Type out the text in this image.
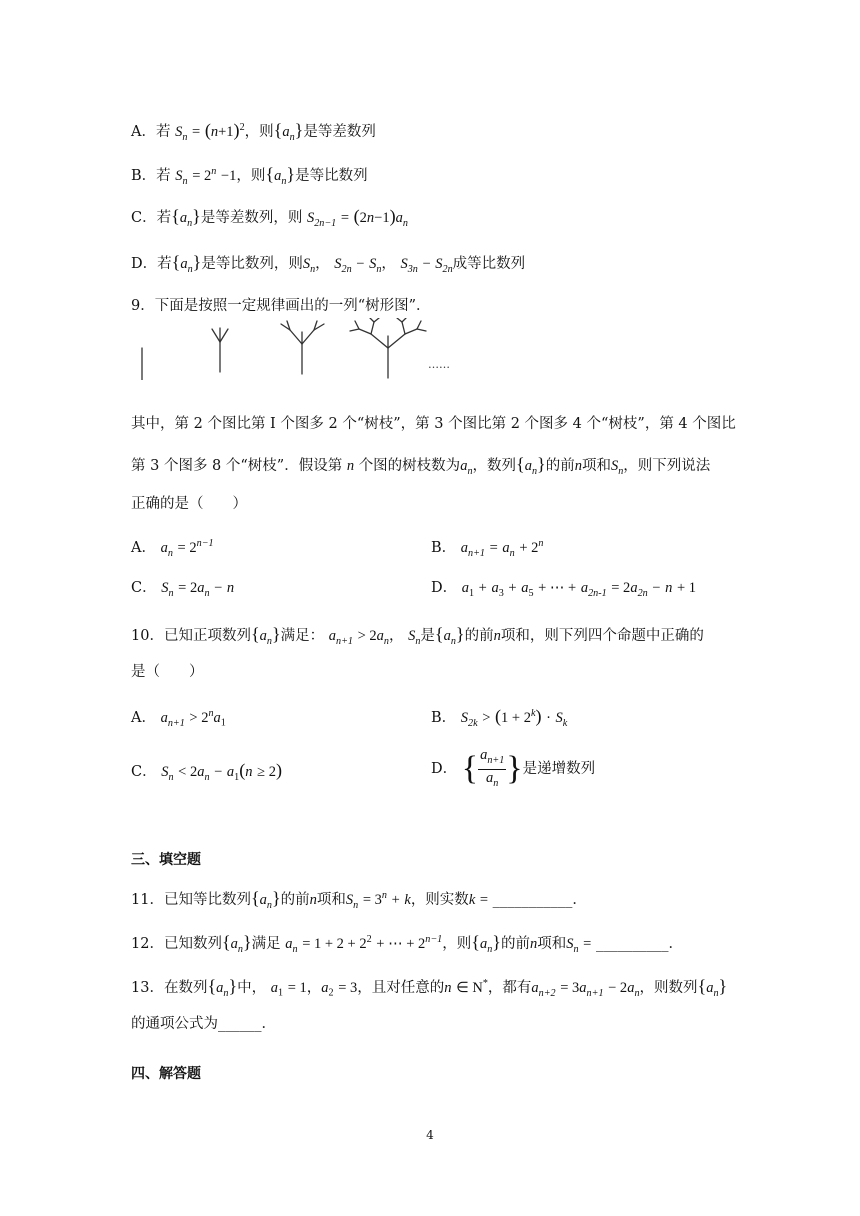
A．若 $S_n = (n+1)^2$，则$\{a_n\}$是等差数列
B．若 $S_n = 2^n -1$，则$\{a_n\}$是等比数列
C．若$\{a_n\}$是等差数列，则 $S_{2n-1} = (2n-1)a_n$
D．若$\{a_n\}$是等比数列，则$S_n$， $S_{2n} - S_n$， $S_{3n} - S_{2n}$成等比数列
9．下面是按照一定规律画出的一列“树形图”．
……
其中，第 2 个图比第 I 个图多 2 个“树枝”，第 3 个图比第 2 个图多 4 个“树枝”，第 4 个图比
第 3 个图多 8 个“树枝”．假设第 n 个图的树枝数为$a_n$，数列$\{a_n\}$的前n项和$S_n$，则下列说法
正确的是（　　）
A． $a_n = 2^{n-1}$	B． $a_{n+1} = a_n + 2^n$
C． $S_n = 2a_n - n$	D． $a_1 + a_3 + a_5$ + ⋯ + $a_{2n-1} = 2a_{2n} - n + 1$
10．已知正项数列$\{a_n\}$满足： $a_{n+1} > 2a_n$， $S_n$是$\{a_n\}$的前n项和，则下列四个命题中正确的
是（　　）
A． $a_{n+1} > 2^na_1$	B． $S_{2k} > (1 + 2^k) \cdot S_k$
C． $S_n < 2a_n - a_1(n \ge 2)$	D． { $\frac{a_{n+1}}{a_n}$ }是递增数列
三、填空题
11．已知等比数列$\{a_n\}$的前n项和$S_n = 3^n + k$，则实数k = ___________．
12．已知数列$\{a_n\}$满足 $a_n = 1 + 2 + 2^2$ + ⋯ + $2^{n-1}$，则$\{a_n\}$的前n项和$S_n$ = __________．
13．在数列$\{a_n\}$中， $a_1 = 1$，$a_2 = 3$，且对任意的n ∈ N*，都有$a_{n+2} = 3a_{n+1} - 2a_n$，则数列$\{a_n\}$
的通项公式为______．
四、解答题
4
